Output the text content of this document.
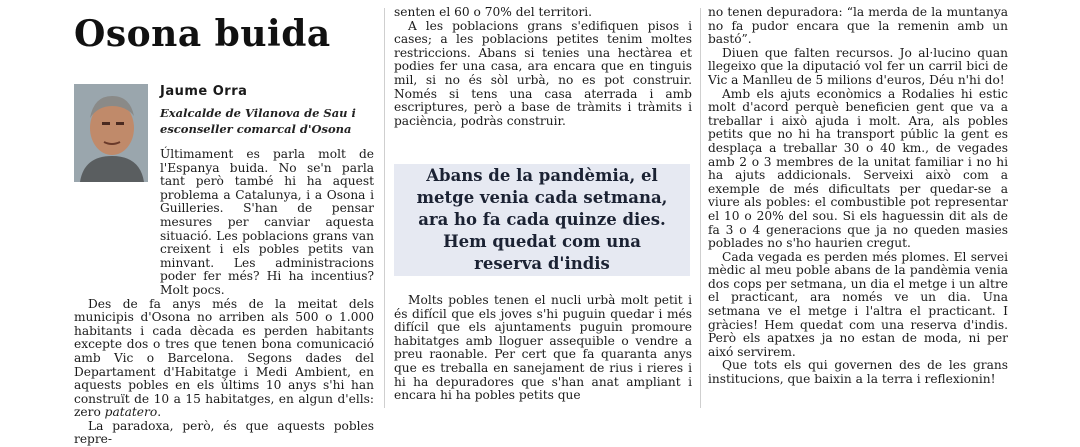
Osona buida

Jaume Orra

Exalcalde de Vilanova de Sau i esconseller comarcal d'Osona

Últimament es parla molt de l'Espanya buida. No se'n parla tant però també hi ha aquest problema a Catalunya, i a Osona i Guilleries. S'han de pensar mesures per canviar aquesta situació. Les poblacions grans van creixent i els pobles petits van minvant. Les administracions poder fer més? Hi ha incentius? Molt pocs.

Des de fa anys més de la meitat dels municipis d'Osona no arriben als 500 o 1.000 habitants i cada dècada es perden habitants excepte dos o tres que tenen bona comunicació amb Vic o Barcelona. Segons dades del Departament d'Habitatge i Medi Ambient, en aquests pobles en els últims 10 anys s'hi han construït de 10 a 15 habitatges, en algun d'ells: zero patatero.

La paradoxa, però, és que aquests pobles repre-

senten el 60 o 70% del territori.

A les poblacions grans s'edifiquen pisos i cases; a les poblacions petites tenim moltes restriccions. Abans si tenies una hectàrea et podies fer una casa, ara encara que en tinguis mil, si no és sòl urbà, no es pot construir. Només si tens una casa aterrada i amb escriptures, però a base de tràmits i tràmits i paciència, podràs construir.

Abans de la pandèmia, el metge venia cada setmana, ara ho fa cada quinze dies. Hem quedat com una reserva d'indis

Molts pobles tenen el nucli urbà molt petit i és difícil que els joves s'hi puguin quedar i més difícil que els ajuntaments puguin promoure habitatges amb lloguer assequible o vendre a preu raonable. Per cert que fa quaranta anys que es treballa en sanejament de rius i rieres i hi ha depuradores que s'han anat ampliant i encara hi ha pobles petits que

no tenen depuradora: “la merda de la muntanya no fa pudor encara que la remenin amb un bastó”.

Diuen que falten recursos. Jo al·lucino quan llegeixo que la diputació vol fer un carril bici de Vic a Manlleu de 5 milions d'euros, Déu n'hi do!

Amb els ajuts econòmics a Rodalies hi estic molt d'acord perquè beneficien gent que va a treballar i això ajuda i molt. Ara, als pobles petits que no hi ha transport públic la gent es desplaça a treballar 30 o 40 km., de vegades amb 2 o 3 membres de la unitat familiar i no hi ha ajuts addicionals. Serveixi això com a exemple de més dificultats per quedar-se a viure als pobles: el combustible pot representar el 10 o 20% del sou. Si els haguessin dit als de fa 3 o 4 generacions que ja no queden masies poblades no s'ho haurien cregut.

Cada vegada es perden més plomes. El servei mèdic al meu poble abans de la pandèmia venia dos cops per setmana, un dia el metge i un altre el practicant, ara només ve un dia. Una setmana ve el metge i l'altra el practicant. I gràcies! Hem quedat com una reserva d'indis. Però els apatxes ja no estan de moda, ni per aixó servirem.

Que tots els qui governen des de les grans institucions, que baixin a la terra i reflexionin!
